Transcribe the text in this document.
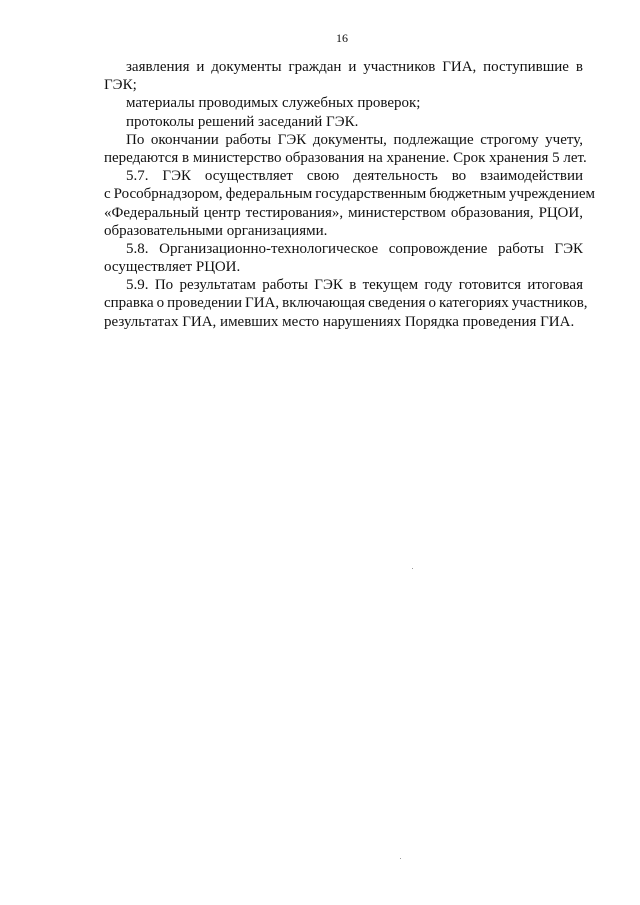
16
заявления и документы граждан и участников ГИА, поступившие в
ГЭК;
материалы проводимых служебных проверок;
протоколы решений заседаний ГЭК.
По окончании работы ГЭК документы, подлежащие строгому учету,
передаются в министерство образования на хранение. Срок хранения 5 лет.
5.7. ГЭК осуществляет свою деятельность во взаимодействии
с Рособрнадзором, федеральным государственным бюджетным учреждением
«Федеральный центр тестирования», министерством образования, РЦОИ,
образовательными организациями.
5.8. Организационно-технологическое сопровождение работы ГЭК
осуществляет РЦОИ.
5.9. По результатам работы ГЭК в текущем году готовится итоговая
справка о проведении ГИА, включающая сведения о категориях участников,
результатах ГИА, имевших место нарушениях Порядка проведения ГИА.
